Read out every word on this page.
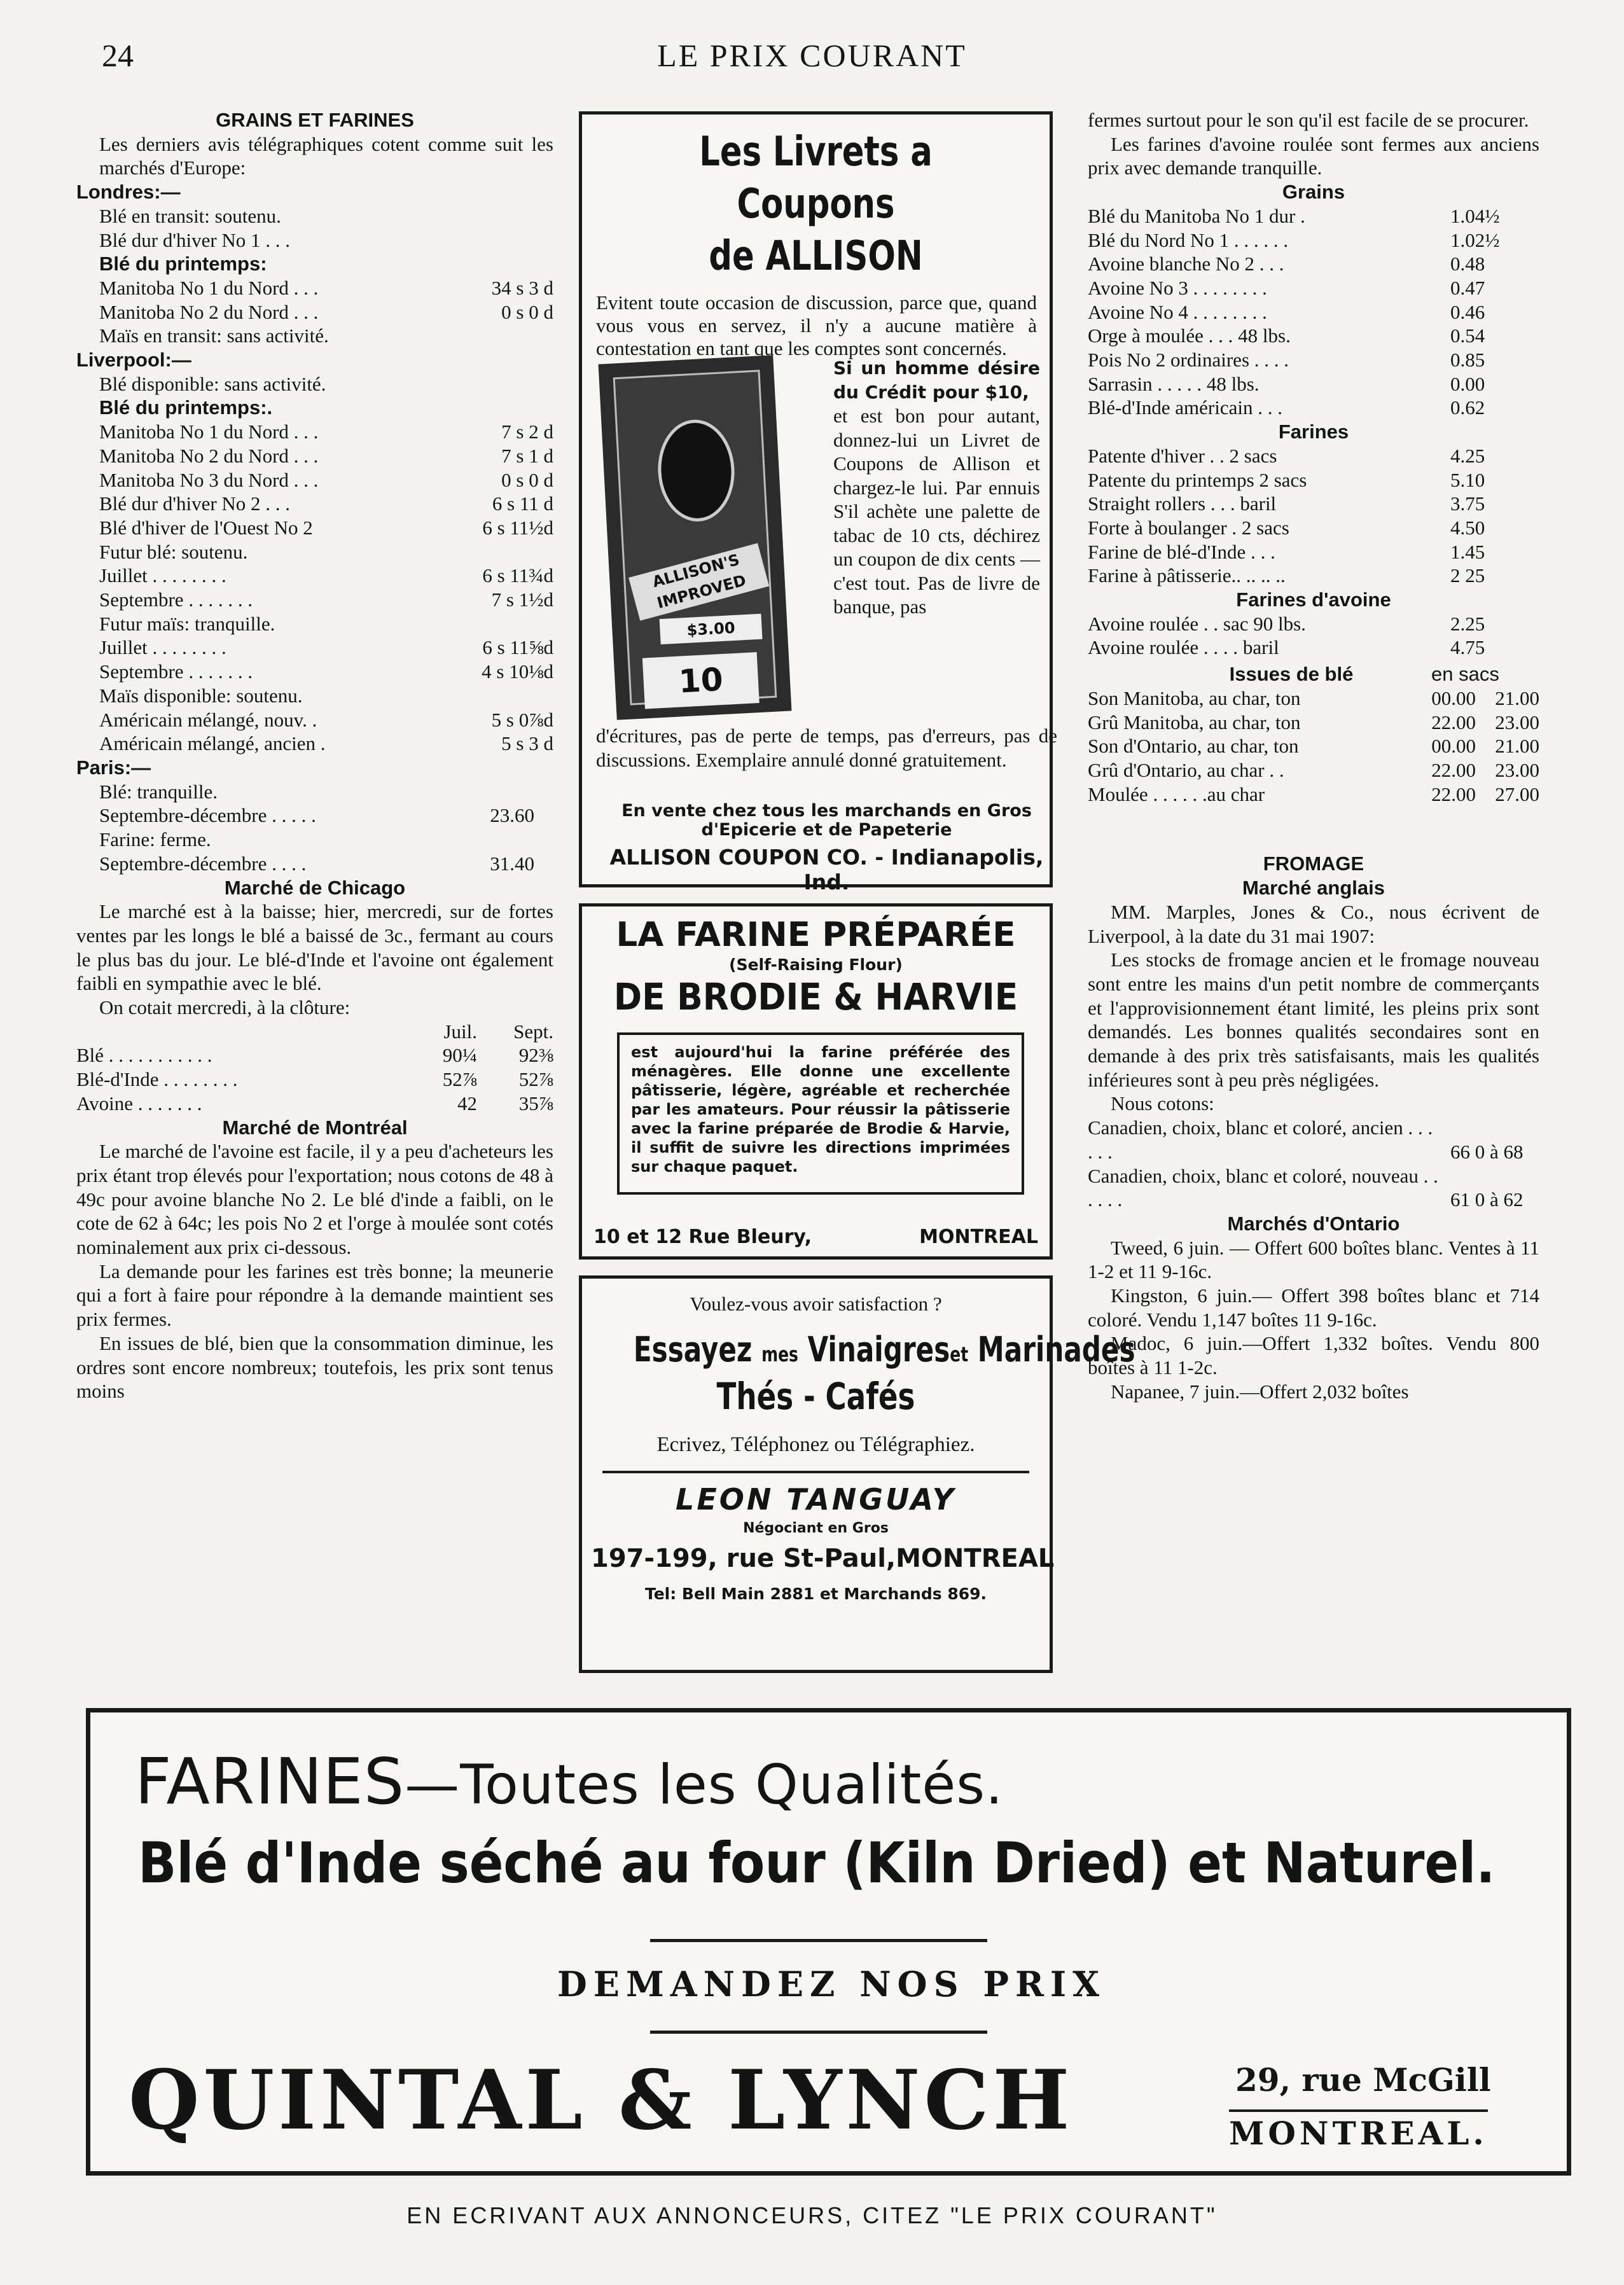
24	LE PRIX COURANT

GRAINS ET FARINES

Les derniers avis télégraphiques cotent comme suit les marchés d'Europe:

Londres:—

Blé en transit: soutenu.

Blé dur d'hiver No 1 . . .

Blé du printemps:

Manitoba No 1 du Nord . . .	34 s 3 d
Manitoba No 2 du Nord . . .	0 s 0 d

Maïs en transit: sans activité.

Liverpool:—

Blé disponible: sans activité.

Blé du printemps:.

Manitoba No 1 du Nord . . .	7 s 2 d
Manitoba No 2 du Nord . . .	7 s 1 d
Manitoba No 3 du Nord . . .	0 s 0 d
Blé dur d'hiver No 2 . . .	6 s 11 d
Blé d'hiver de l'Ouest No 2	6 s 11½d

Futur blé: soutenu.

Juillet . . . . . . . .	6 s 11¾d
Septembre . . . . . . .	7 s 1½d

Futur maïs: tranquille.

Juillet . . . . . . . .	6 s 11⅝d
Septembre . . . . . . .	4 s 10⅛d

Maïs disponible: soutenu.

Américain mélangé, nouv. .	5 s 0⅞d
Américain mélangé, ancien .	5 s 3 d

Paris:—

Blé: tranquille.

Septembre-décembre . . . . .	23.60

Farine: ferme.

Septembre-décembre . . . .	31.40

Marché de Chicago

Le marché est à la baisse; hier, mercredi, sur de fortes ventes par les longs le blé a baissé de 3c., fermant au cours le plus bas du jour. Le blé-d'Inde et l'avoine ont également faibli en sympathie avec le blé.

On cotait mercredi, à la clôture:

Juil.	Sept.
Blé . . . . . . . . . . .	90¼	92⅜
Blé-d'Inde . . . . . . . .	52⅞	52⅞
Avoine . . . . . . .	42	35⅞

Marché de Montréal

Le marché de l'avoine est facile, il y a peu d'acheteurs les prix étant trop élevés pour l'exportation; nous cotons de 48 à 49c pour avoine blanche No 2. Le blé d'inde a faibli, on le cote de 62 à 64c; les pois No 2 et l'orge à moulée sont cotés nominalement aux prix ci-dessous.

La demande pour les farines est très bonne; la meunerie qui a fort à faire pour répondre à la demande maintient ses prix fermes.

En issues de blé, bien que la consommation diminue, les ordres sont encore nombreux; toutefois, les prix sont tenus moins

Les Livrets a Coupons
de ALLISON
Evitent toute occasion de discussion, parce que, quand vous vous en servez, il n'y a aucune matière à contestation en tant que les comptes sont concernés.
ALLISON'S IMPROVED
$3.00
10
Si un homme désire du Crédit pour $10,
et est bon pour autant, donnez-lui un Livret de Coupons de Allison et chargez-le lui. Par ennuis S'il achète une palette de tabac de 10 cts, déchirez un coupon de dix cents — c'est tout. Pas de livre de banque, pas
d'écritures, pas de perte de temps, pas d'erreurs, pas de discussions. Exemplaire annulé donné gratuitement.
En vente chez tous les marchands en Gros d'Epicerie et de Papeterie
ALLISON COUPON CO. - Indianapolis, Ind.
LA FARINE PRÉPARÉE
(Self-Raising Flour)
DE BRODIE & HARVIE
est aujourd'hui la farine préférée des ménagères. Elle donne une excellente pâtisserie, légère, agréable et recherchée par les amateurs. Pour réussir la pâtisserie avec la farine préparée de Brodie & Harvie, il suffit de suivre les directions imprimées sur chaque paquet.
10 et 12 Rue Bleury,	MONTREAL
Voulez-vous avoir satisfaction ?
Essayez mes Vinaigreset Marinades
Thés - Cafés
Ecrivez, Téléphonez ou Télégraphiez.
LEON TANGUAY
Négociant en Gros
197-199, rue St-Paul, MONTREAL
Tel: Bell Main 2881 et Marchands 869.

fermes surtout pour le son qu'il est facile de se procurer.

Les farines d'avoine roulée sont fermes aux anciens prix avec demande tranquille.

Grains

Blé du Manitoba No 1 dur .	1.04½
Blé du Nord No 1 . . . . . .	1.02½
Avoine blanche No 2 . . .	0.48
Avoine No 3 . . . . . . . .	0.47
Avoine No 4 . . . . . . . .	0.46
Orge à moulée . . . 48 lbs.	0.54
Pois No 2 ordinaires . . . .	0.85
Sarrasin . . . . . 48 lbs.	0.00
Blé-d'Inde américain . . .	0.62

Farines

Patente d'hiver . . 2 sacs	4.25
Patente du printemps 2 sacs	5.10
Straight rollers . . . baril	3.75
Forte à boulanger . 2 sacs	4.50
Farine de blé-d'Inde . . .	1.45
Farine à pâtisserie.. .. .. ..	2 25

Farines d'avoine

Avoine roulée . . sac 90 lbs.	2.25
Avoine roulée . . . . baril	4.75
Issues de blé	en sacs
Son Manitoba, au char, ton	00.00 21.00
Grû Manitoba, au char, ton	22.00 23.00
Son d'Ontario, au char, ton	00.00 21.00
Grû d'Ontario, au char . .	22.00 23.00
Moulée . . . . . .au char	22.00 27.00

FROMAGE

Marché anglais

MM. Marples, Jones & Co., nous écrivent de Liverpool, à la date du 31 mai 1907:

Les stocks de fromage ancien et le fromage nouveau sont entre les mains d'un petit nombre de commerçants et l'approvisionnement étant limité, les pleins prix sont demandés. Les bonnes qualités secondaires sont en demande à des prix très satisfaisants, mais les qualités inférieures sont à peu près négligées.

Nous cotons:

Canadien, choix, blanc et coloré, ancien . . . . . .	66 0 à 68
Canadien, choix, blanc et coloré, nouveau . . . . . .	61 0 à 62

Marchés d'Ontario

Tweed, 6 juin. — Offert 600 boîtes blanc. Ventes à 11 1-2 et 11 9-16c.

Kingston, 6 juin.— Offert 398 boîtes blanc et 714 coloré. Vendu 1,147 boîtes 11 9-16c.

Madoc, 6 juin.—Offert 1,332 boîtes. Vendu 800 boîtes à 11 1-2c.

Napanee, 7 juin.—Offert 2,032 boîtes

FARINES—Toutes les Qualités.
Blé d'Inde séché au four (Kiln Dried) et Naturel.
DEMANDEZ NOS PRIX
QUINTAL & LYNCH	29, rue McGill
MONTREAL.
EN ECRIVANT AUX ANNONCEURS, CITEZ "LE PRIX COURANT"
